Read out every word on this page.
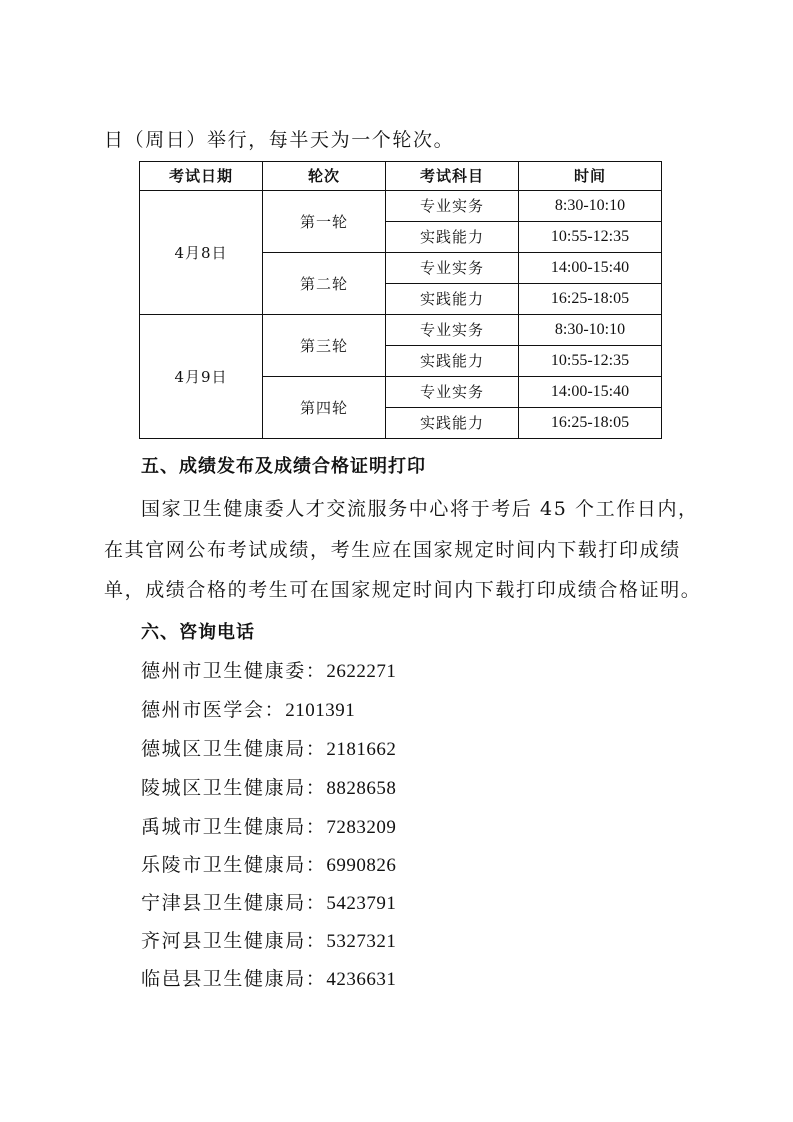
日（周日）举行，每半天为一个轮次。
考试日期	轮次	考试科目	时间
4月8日	第一轮	专业实务	8:30-10:10
		实践能力	10:55-12:35
	第二轮	专业实务	14:00-15:40
		实践能力	16:25-18:05
4月9日	第三轮	专业实务	8:30-10:10
		实践能力	10:55-12:35
	第四轮	专业实务	14:00-15:40
		实践能力	16:25-18:05
五、成绩发布及成绩合格证明打印
国家卫生健康委人才交流服务中心将于考后 45 个工作日内，
在其官网公布考试成绩，考生应在国家规定时间内下载打印成绩
单，成绩合格的考生可在国家规定时间内下载打印成绩合格证明。
六、咨询电话
德州市卫生健康委：2622271
德州市医学会：2101391
德城区卫生健康局：2181662
陵城区卫生健康局：8828658
禹城市卫生健康局：7283209
乐陵市卫生健康局：6990826
宁津县卫生健康局：5423791
齐河县卫生健康局：5327321
临邑县卫生健康局：4236631
